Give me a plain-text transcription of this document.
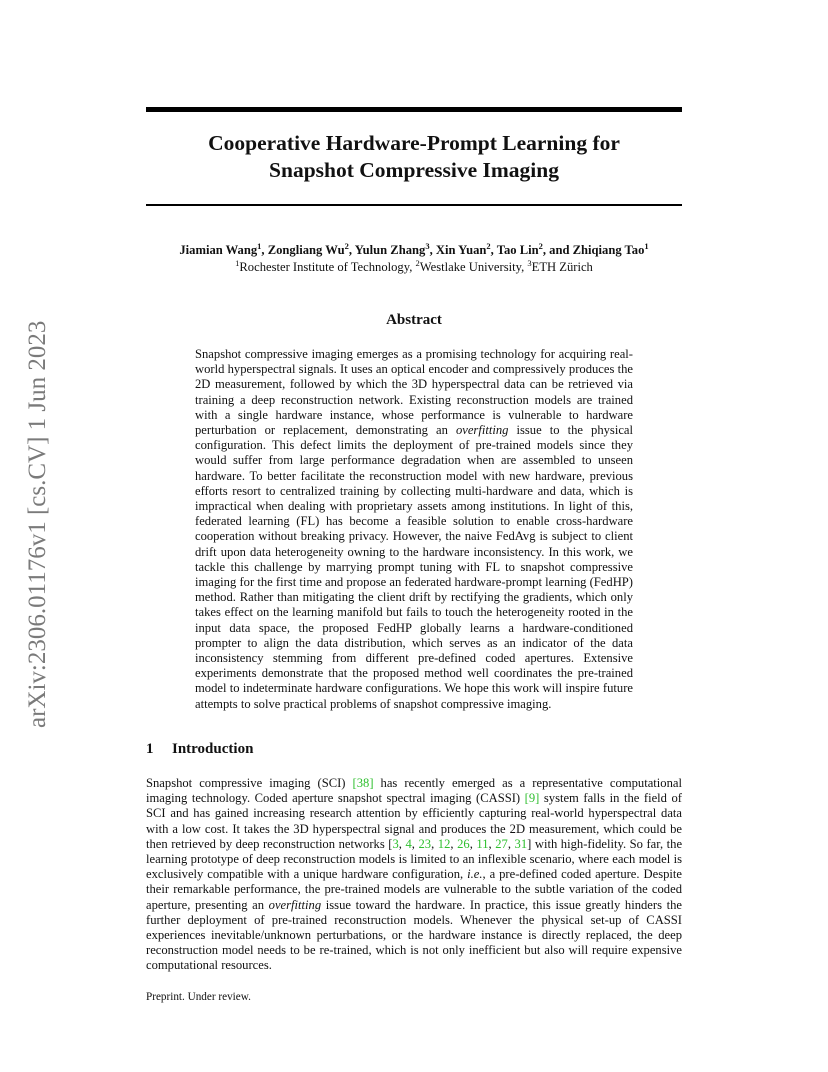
Cooperative Hardware-Prompt Learning for
Snapshot Compressive Imaging
Jiamian Wang$^1$, Zongliang Wu$^2$, Yulun Zhang$^3$, Xin Yuan$^2$, Tao Lin$^2$, and Zhiqiang Tao$^1$
$^1$Rochester Institute of Technology, $^2$Westlake University, $^3$ETH Zürich
arXiv:2306.01176v1 [cs.CV] 1 Jun 2023
Abstract
Snapshot compressive imaging emerges as a promising technology for acquiring real-world hyperspectral signals. It uses an optical encoder and compressively produces the 2D measurement, followed by which the 3D hyperspectral data can be retrieved via training a deep reconstruction network. Existing reconstruction models are trained with a single hardware instance, whose performance is vulnerable to hardware perturbation or replacement, demonstrating an overfitting issue to the physical configuration. This defect limits the deployment of pre-trained models since they would suffer from large performance degradation when are assembled to unseen hardware. To better facilitate the reconstruction model with new hardware, previous efforts resort to centralized training by collecting multi-hardware and data, which is impractical when dealing with proprietary assets among institutions. In light of this, federated learning (FL) has become a feasible solution to enable cross-hardware cooperation without breaking privacy. However, the naive FedAvg is subject to client drift upon data heterogeneity owning to the hardware inconsistency. In this work, we tackle this challenge by marrying prompt tuning with FL to snapshot compressive imaging for the first time and propose an federated hardware-prompt learning (FedHP) method. Rather than mitigating the client drift by rectifying the gradients, which only takes effect on the learning manifold but fails to touch the heterogeneity rooted in the input data space, the proposed FedHP globally learns a hardware-conditioned prompter to align the data distribution, which serves as an indicator of the data inconsistency stemming from different pre-defined coded apertures. Extensive experiments demonstrate that the proposed method well coordinates the pre-trained model to indeterminate hardware configurations. We hope this work will inspire future attempts to solve practical problems of snapshot compressive imaging.
1 Introduction
Snapshot compressive imaging (SCI) [38] has recently emerged as a representative computational imaging technology. Coded aperture snapshot spectral imaging (CASSI) [9] system falls in the field of SCI and has gained increasing research attention by efficiently capturing real-world hyperspectral data with a low cost. It takes the 3D hyperspectral signal and produces the 2D measurement, which could be then retrieved by deep reconstruction networks [3, 4, 23, 12, 26, 11, 27, 31] with high-fidelity. So far, the learning prototype of deep reconstruction models is limited to an inflexible scenario, where each model is exclusively compatible with a unique hardware configuration, i.e., a pre-defined coded aperture. Despite their remarkable performance, the pre-trained models are vulnerable to the subtle variation of the coded aperture, presenting an overfitting issue toward the hardware. In practice, this issue greatly hinders the further deployment of pre-trained reconstruction models. Whenever the physical set-up of CASSI experiences inevitable/unknown perturbations, or the hardware instance is directly replaced, the deep reconstruction model needs to be re-trained, which is not only inefficient but also will require expensive computational resources.
Preprint. Under review.
